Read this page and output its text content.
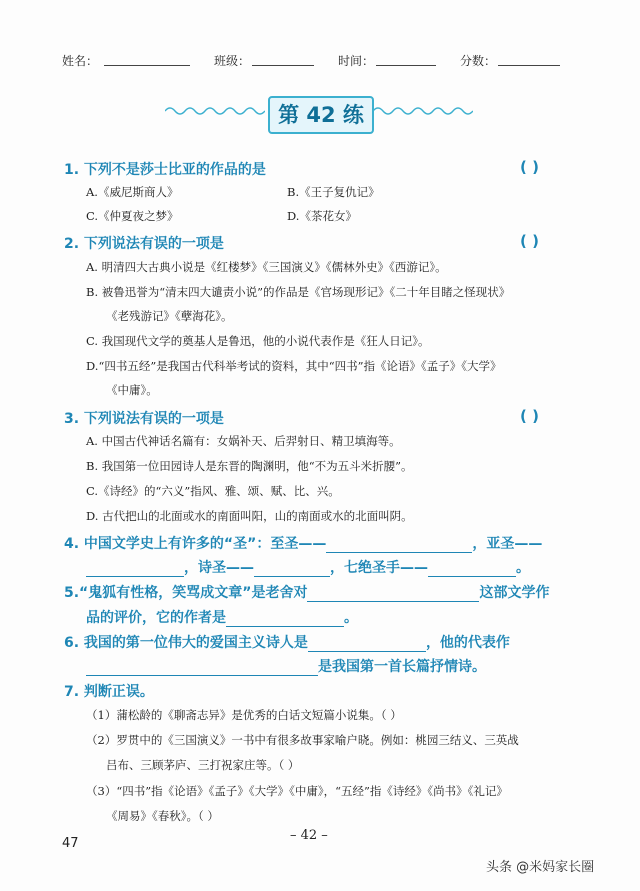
姓名：	班级：	时间：	分数：
第 42 练
1. 下列不是莎士比亚的作品的是	( )
A.《威尼斯商人》	B.《王子复仇记》
C.《仲夏夜之梦》	D.《茶花女》
2. 下列说法有误的一项是	( )
A. 明清四大古典小说是《红楼梦》《三国演义》《儒林外史》《西游记》。
B. 被鲁迅誉为“清末四大谴责小说”的作品是《官场现形记》《二十年目睹之怪现状》
《老残游记》《孽海花》。
C. 我国现代文学的奠基人是鲁迅，他的小说代表作是《狂人日记》。
D.“四书五经”是我国古代科举考试的资料，其中“四书”指《论语》《孟子》《大学》
《中庸》。
3. 下列说法有误的一项是	( )
A. 中国古代神话名篇有：女娲补天、后羿射日、精卫填海等。
B. 我国第一位田园诗人是东晋的陶渊明，他“不为五斗米折腰”。
C.《诗经》的“六义”指风、雅、颂、赋、比、兴。
D. 古代把山的北面或水的南面叫阳，山的南面或水的北面叫阴。
4. 中国文学史上有许多的“圣”：至圣——	，亚圣——
，诗圣——	，七绝圣手——	。
5.“鬼狐有性格，笑骂成文章”是老舍对	这部文学作
品的评价，它的作者是	。
6. 我国的第一位伟大的爱国主义诗人是	，他的代表作
是我国第一首长篇抒情诗。
7. 判断正误。
（1）蒲松龄的《聊斋志异》是优秀的白话文短篇小说集。（ ）
（2）罗贯中的《三国演义》一书中有很多故事家喻户晓。例如：桃园三结义、三英战
吕布、三顾茅庐、三打祝家庄等。（ ）
（3）“四书”指《论语》《孟子》《大学》《中庸》，“五经”指《诗经》《尚书》《礼记》
《周易》《春秋》。（ ）
47
– 42 –
头条 @米妈家长圈
